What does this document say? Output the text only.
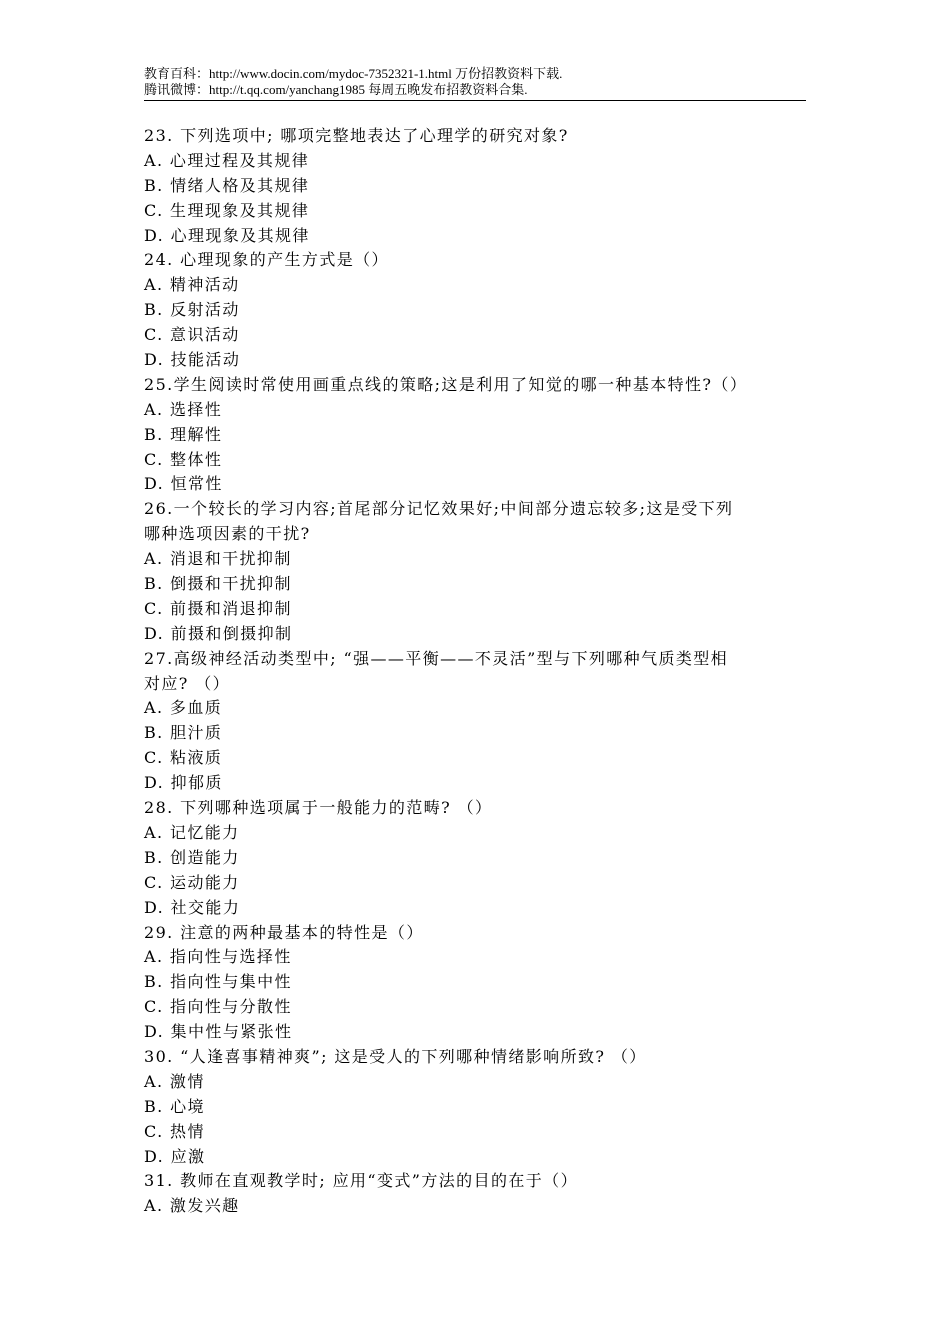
教育百科：http://www.docin.com/mydoc-7352321-1.html 万份招教资料下载.
腾讯微博：http://t.qq.com/yanchang1985 每周五晚发布招教资料合集.
23. 下列选项中; 哪项完整地表达了心理学的研究对象?
A. 心理过程及其规律
B. 情绪人格及其规律
C. 生理现象及其规律
D. 心理现象及其规律
24. 心理现象的产生方式是（）
A. 精神活动
B. 反射活动
C. 意识活动
D. 技能活动
25.学生阅读时常使用画重点线的策略;这是利用了知觉的哪一种基本特性?（）
A. 选择性
B. 理解性
C. 整体性
D. 恒常性
26.一个较长的学习内容;首尾部分记忆效果好;中间部分遗忘较多;这是受下列
哪种选项因素的干扰?
A. 消退和干扰抑制
B. 倒摄和干扰抑制
C. 前摄和消退抑制
D. 前摄和倒摄抑制
27.高级神经活动类型中; “强——平衡——不灵活”型与下列哪种气质类型相
对应? （）
A. 多血质
B. 胆汁质
C. 粘液质
D. 抑郁质
28. 下列哪种选项属于一般能力的范畴? （）
A. 记忆能力
B. 创造能力
C. 运动能力
D. 社交能力
29. 注意的两种最基本的特性是（）
A. 指向性与选择性
B. 指向性与集中性
C. 指向性与分散性
D. 集中性与紧张性
30. “人逢喜事精神爽”; 这是受人的下列哪种情绪影响所致? （）
A. 激情
B. 心境
C. 热情
D. 应激
31. 教师在直观教学时; 应用“变式”方法的目的在于（）
A. 激发兴趣
